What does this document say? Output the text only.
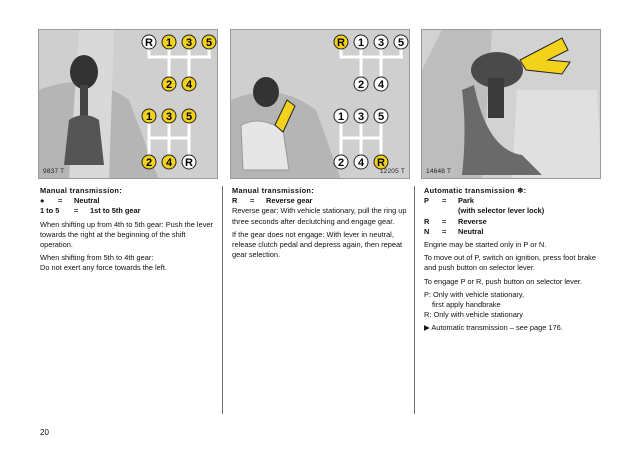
R 1 3 5
2 4
1 3 5
2 4 R
9837 T
R 1 3 5
2 4
1 3 5
2 4 R
12205 T	14648 T

Manual transmission:

●	=	Neutral
1 to 5	=	1st to 5th gear

When shifting up from 4th to 5th gear: Push the lever towards the right at the beginning of the shift operation.

When shifting from 5th to 4th gear:

Do not exert any force towards the left.

Manual transmission:

R	=	Reverse gear

Reverse gear: With vehicle stationary, pull the ring up three seconds after declutching and engage gear.

If the gear does not engage: With lever in neutral, release clutch pedal and depress again, then repeat gear selection.

Automatic transmission ❄:

P	=	Park
(with selector lever lock)
R	=	Reverse
N	=	Neutral

Engine may be started only in P or N.

To move out of P, switch on ignition, press foot brake and push button on selector lever.

To engage P or R, push button on selector lever.

P: Only with vehicle stationary,

first apply handbrake

R: Only with vehicle stationary

▶ Automatic transmission – see page 176.

20
